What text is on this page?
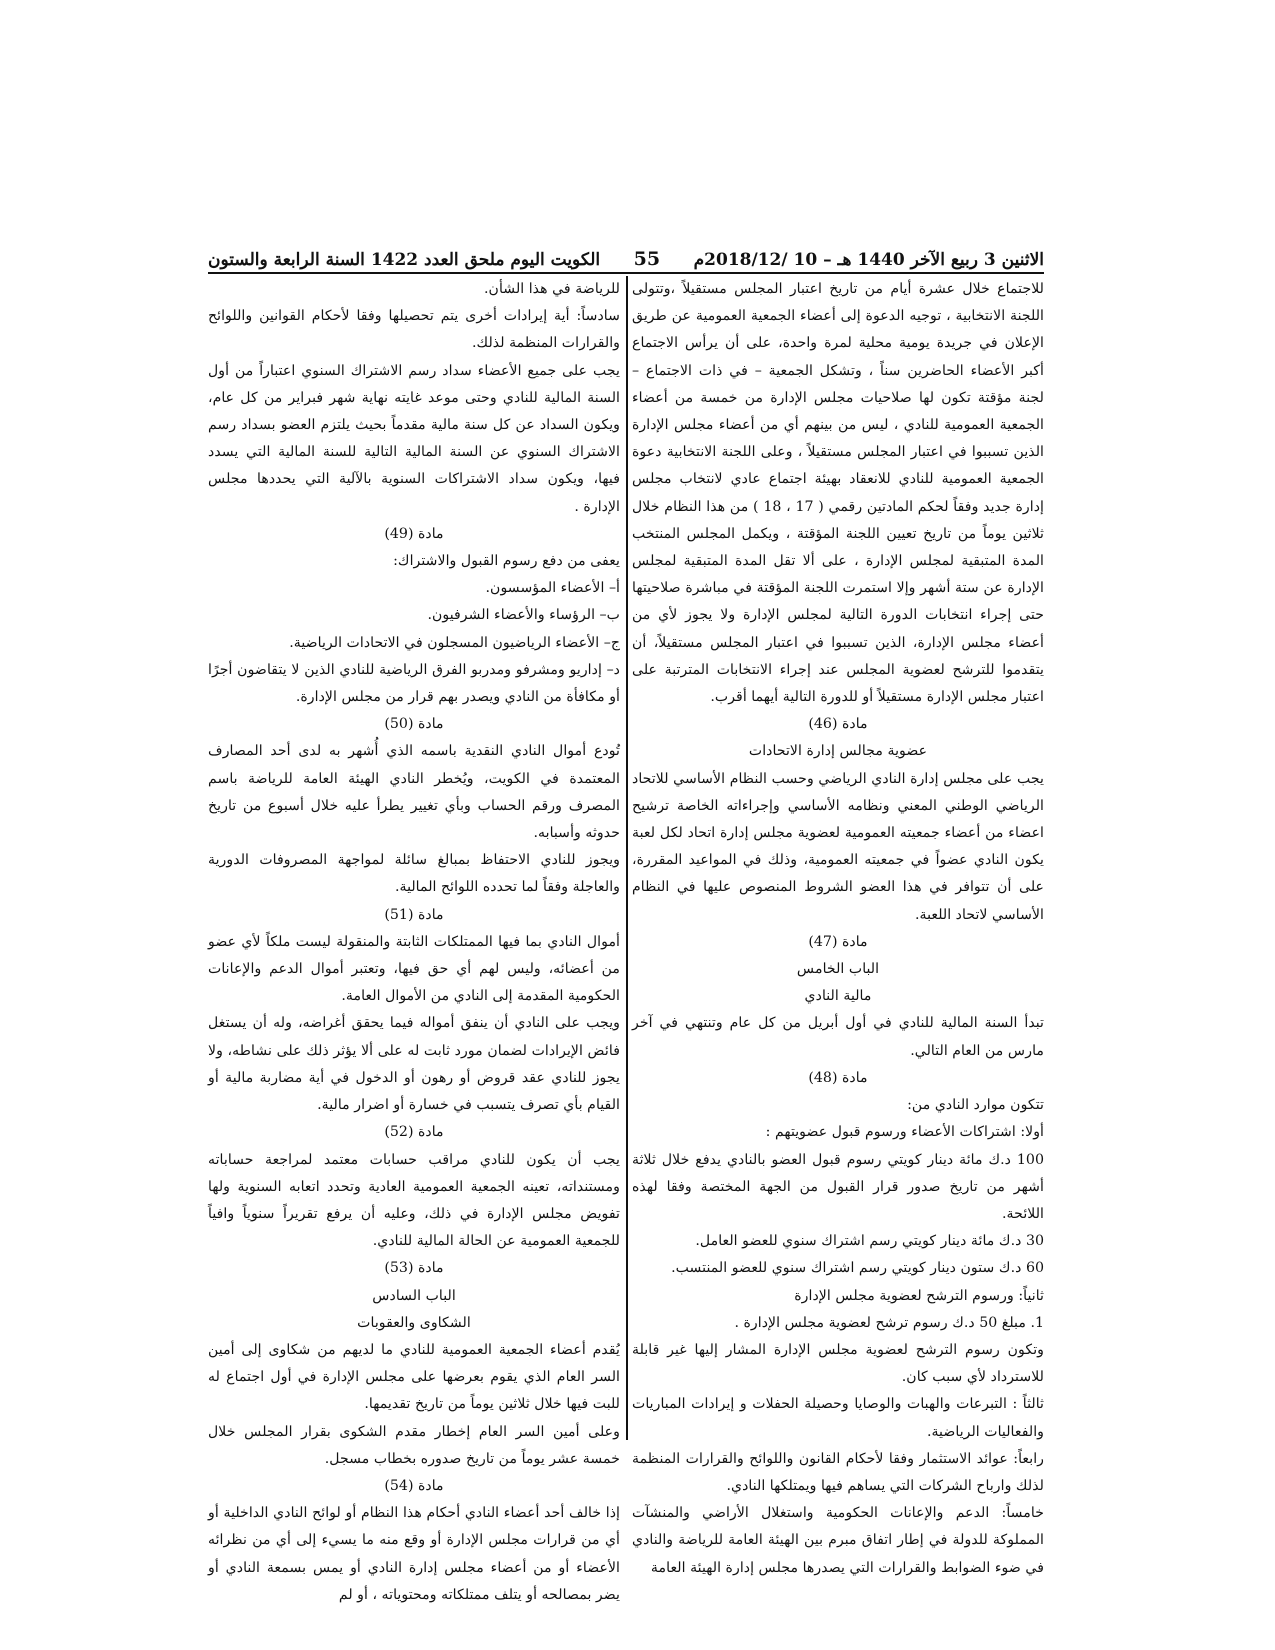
الاثنين 3 ربيع الآخر 1440 هـ – 10 /2018/12م
55
الكويت اليوم ملحق العدد 1422 السنة الرابعة والستون

للاجتماع خلال عشرة أيام من تاريخ اعتبار المجلس مستقيلاً ،وتتولى اللجنة الانتخابية ، توجيه الدعوة إلى أعضاء الجمعية العمومية عن طريق الإعلان في جريدة يومية محلية لمرة واحدة، على أن يرأس الاجتماع أكبر الأعضاء الحاضرين سناً ، وتشكل الجمعية – في ذات الاجتماع – لجنة مؤقتة تكون لها صلاحيات مجلس الإدارة من خمسة من أعضاء الجمعية العمومية للنادي ، ليس من بينهم أي من أعضاء مجلس الإدارة الذين تسببوا في اعتبار المجلس مستقيلاً ، وعلى اللجنة الانتخابية دعوة الجمعية العمومية للنادي للانعقاد بهيئة اجتماع عادي لانتخاب مجلس إدارة جديد وفقاً لحكم المادتين رقمي ( 17 ، 18 ) من هذا النظام خلال ثلاثين يوماً من تاريخ تعيين اللجنة المؤقتة ، ويكمل المجلس المنتخب المدة المتبقية لمجلس الإدارة ، على ألا تقل المدة المتبقية لمجلس الإدارة عن ستة أشهر وإلا استمرت اللجنة المؤقتة في مباشرة صلاحيتها حتى إجراء انتخابات الدورة التالية لمجلس الإدارة ولا يجوز لأي من أعضاء مجلس الإدارة، الذين تسببوا في اعتبار المجلس مستقيلاً، أن يتقدموا للترشح لعضوية المجلس عند إجراء الانتخابات المترتبة على اعتبار مجلس الإدارة مستقيلاً أو للدورة التالية أيهما أقرب.

مادة (46)

عضوية مجالس إدارة الاتحادات

يجب على مجلس إدارة النادي الرياضي وحسب النظام الأساسي للاتحاد الرياضي الوطني المعني ونظامه الأساسي وإجراءاته الخاصة ترشيح اعضاء من أعضاء جمعيته العمومية لعضوية مجلس إدارة اتحاد لكل لعبة يكون النادي عضواً في جمعيته العمومية، وذلك في المواعيد المقررة، على أن تتوافر في هذا العضو الشروط المنصوص عليها في النظام الأساسي لاتحاد اللعبة.

مادة (47)

الباب الخامس

مالية النادي

تبدأ السنة المالية للنادي في أول أبريل من كل عام وتنتهي في آخر مارس من العام التالي.

مادة (48)

تتكون موارد النادي من:

أولا: اشتراكات الأعضاء ورسوم قبول عضويتهم :

100 د.ك مائة دينار كويتي رسوم قبول العضو بالنادي يدفع خلال ثلاثة أشهر من تاريخ صدور قرار القبول من الجهة المختصة وفقا لهذه اللائحة.

30 د.ك مائة دينار كويتي رسم اشتراك سنوي للعضو العامل.

60 د.ك ستون دينار كويتي رسم اشتراك سنوي للعضو المنتسب.

ثانياً: ورسوم الترشح لعضوية مجلس الإدارة

1. مبلغ 50 د.ك رسوم ترشح لعضوية مجلس الإدارة .

وتكون رسوم الترشح لعضوية مجلس الإدارة المشار إليها غير قابلة للاسترداد لأي سبب كان.

ثالثاً : التبرعات والهبات والوصايا وحصيلة الحفلات و إيرادات المباريات والفعاليات الرياضية.

رابعاً: عوائد الاستثمار وفقا لأحكام القانون واللوائح والقرارات المنظمة لذلك وارباح الشركات التي يساهم فيها ويمتلكها النادي.

خامساً: الدعم والإعانات الحكومية واستغلال الأراضي والمنشآت المملوكة للدولة في إطار اتفاق مبرم بين الهيئة العامة للرياضة والنادي في ضوء الضوابط والقرارات التي يصدرها مجلس إدارة الهيئة العامة

للرياضة في هذا الشأن.

سادساً: أية إيرادات أخرى يتم تحصيلها وفقا لأحكام القوانين واللوائح والقرارات المنظمة لذلك.

يجب على جميع الأعضاء سداد رسم الاشتراك السنوي اعتباراً من أول السنة المالية للنادي وحتى موعد غايته نهاية شهر فبراير من كل عام، ويكون السداد عن كل سنة مالية مقدماً بحيث يلتزم العضو بسداد رسم الاشتراك السنوي عن السنة المالية التالية للسنة المالية التي يسدد فيها، ويكون سداد الاشتراكات السنوية بالآلية التي يحددها مجلس الإدارة .

مادة (49)

يعفى من دفع رسوم القبول والاشتراك:

أ– الأعضاء المؤسسون.

ب– الرؤساء والأعضاء الشرفيون.

ج– الأعضاء الرياضيون المسجلون في الاتحادات الرياضية.

د– إداريو ومشرفو ومدربو الفرق الرياضية للنادي الذين لا يتقاضون أجرًا أو مكافأة من النادي ويصدر بهم قرار من مجلس الإدارة.

مادة (50)

تُودع أموال النادي النقدية باسمه الذي أُشهر به لدى أحد المصارف المعتمدة في الكويت، ويُخطر النادي الهيئة العامة للرياضة باسم المصرف ورقم الحساب وبأي تغيير يطرأ عليه خلال أسبوع من تاريخ حدوثه وأسبابه.

ويجوز للنادي الاحتفاظ بمبالغ سائلة لمواجهة المصروفات الدورية والعاجلة وفقاً لما تحدده اللوائح المالية.

مادة (51)

أموال النادي بما فيها الممتلكات الثابتة والمنقولة ليست ملكاً لأي عضو من أعضائه، وليس لهم أي حق فيها، وتعتبر أموال الدعم والإعانات الحكومية المقدمة إلى النادي من الأموال العامة.

ويجب على النادي أن ينفق أمواله فيما يحقق أغراضه، وله أن يستغل فائض الإيرادات لضمان مورد ثابت له على ألا يؤثر ذلك على نشاطه، ولا يجوز للنادي عقد قروض أو رهون أو الدخول في أية مضاربة مالية أو القيام بأي تصرف يتسبب في خسارة أو اضرار مالية.

مادة (52)

يجب أن يكون للنادي مراقب حسابات معتمد لمراجعة حساباته ومستنداته، تعينه الجمعية العمومية العادية وتحدد اتعابه السنوية ولها تفويض مجلس الإدارة في ذلك، وعليه أن يرفع تقريراً سنوياً وافياً للجمعية العمومية عن الحالة المالية للنادي.

مادة (53)

الباب السادس

الشكاوى والعقوبات

يُقدم أعضاء الجمعية العمومية للنادي ما لديهم من شكاوى إلى أمين السر العام الذي يقوم بعرضها على مجلس الإدارة في أول اجتماع له للبت فيها خلال ثلاثين يوماً من تاريخ تقديمها.

وعلى أمين السر العام إخطار مقدم الشكوى بقرار المجلس خلال خمسة عشر يوماً من تاريخ صدوره بخطاب مسجل.

مادة (54)

إذا خالف أحد أعضاء النادي أحكام هذا النظام أو لوائح النادي الداخلية أو أي من قرارات مجلس الإدارة أو وقع منه ما يسيء إلى أي من نظرائه الأعضاء أو من أعضاء مجلس إدارة النادي أو يمس بسمعة النادي أو يضر بمصالحه أو يتلف ممتلكاته ومحتوياته ، أو لم
